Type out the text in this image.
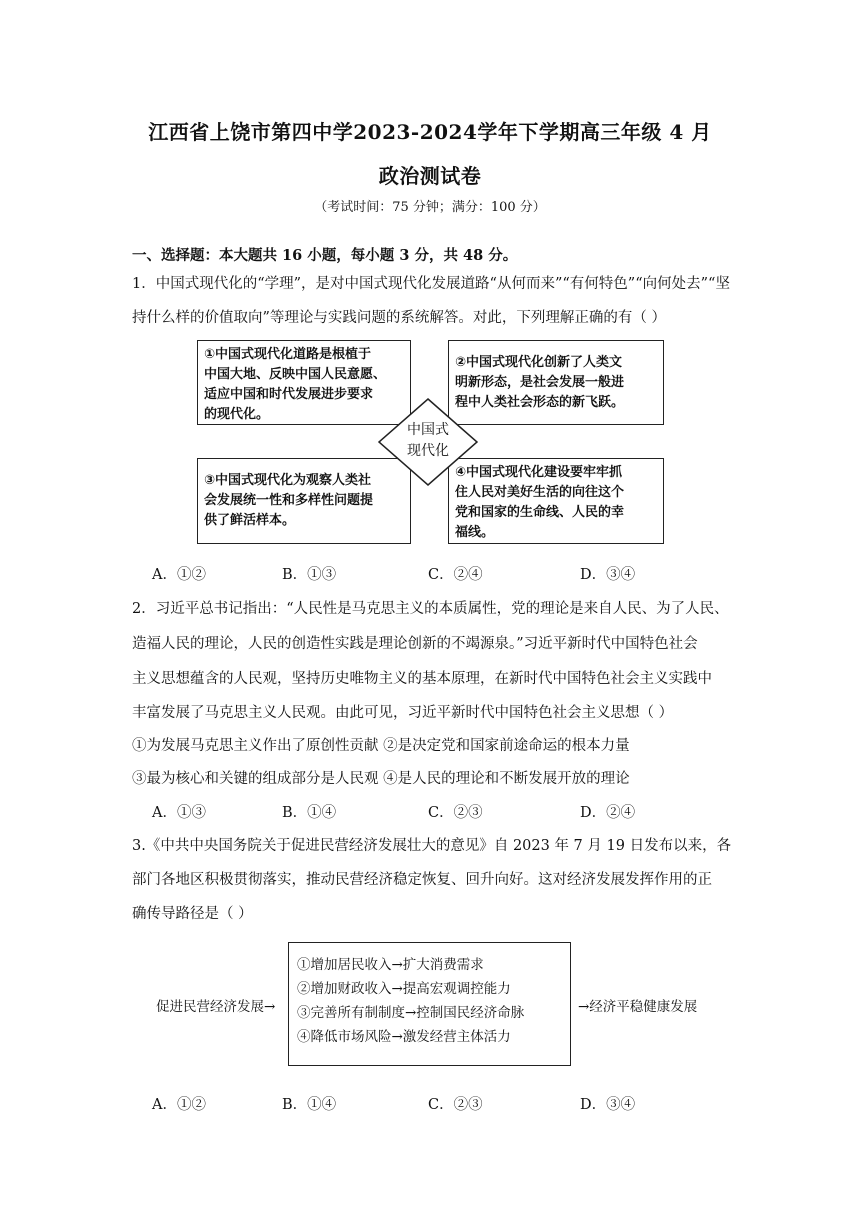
江西省上饶市第四中学2023-2024学年下学期高三年级 4 月
政治测试卷
（考试时间：75 分钟；满分：100 分）
一、选择题：本大题共 16 小题，每小题 3 分，共 48 分。
1．中国式现代化的“学理”，是对中国式现代化发展道路“从何而来”“有何特色”“向何处去”“坚
持什么样的价值取向”等理论与实践问题的系统解答。对此，下列理解正确的有（ ）
①中国式现代化道路是根植于
中国大地、反映中国人民意愿、
适应中国和时代发展进步要求
的现代化。
②中国式现代化创新了人类文
明新形态，是社会发展一般进
程中人类社会形态的新飞跃。
③中国式现代化为观察人类社
会发展统一性和多样性问题提
供了鲜活样本。
④中国式现代化建设要牢牢抓
住人民对美好生活的向往这个
党和国家的生命线、人民的幸
福线。
中国式
现代化
A．①②	B．①③	C．②④	D．③④
2．习近平总书记指出：“人民性是马克思主义的本质属性，党的理论是来自人民、为了人民、
造福人民的理论，人民的创造性实践是理论创新的不竭源泉。”习近平新时代中国特色社会
主义思想蕴含的人民观，坚持历史唯物主义的基本原理，在新时代中国特色社会主义实践中
丰富发展了马克思主义人民观。由此可见，习近平新时代中国特色社会主义思想（ ）
①为发展马克思主义作出了原创性贡献 ②是决定党和国家前途命运的根本力量
③最为核心和关键的组成部分是人民观 ④是人民的理论和不断发展开放的理论
A．①③	B．①④	C．②③	D．②④
3.《中共中央国务院关于促进民营经济发展壮大的意见》自 2023 年 7 月 19 日发布以来，各
部门各地区积极贯彻落实，推动民营经济稳定恢复、回升向好。这对经济发展发挥作用的正
确传导路径是（ ）
促进民营经济发展→
①增加居民收入→扩大消费需求
②增加财政收入→提高宏观调控能力
③完善所有制制度→控制国民经济命脉
④降低市场风险→激发经营主体活力
→经济平稳健康发展
A．①②	B．①④	C．②③	D．③④
